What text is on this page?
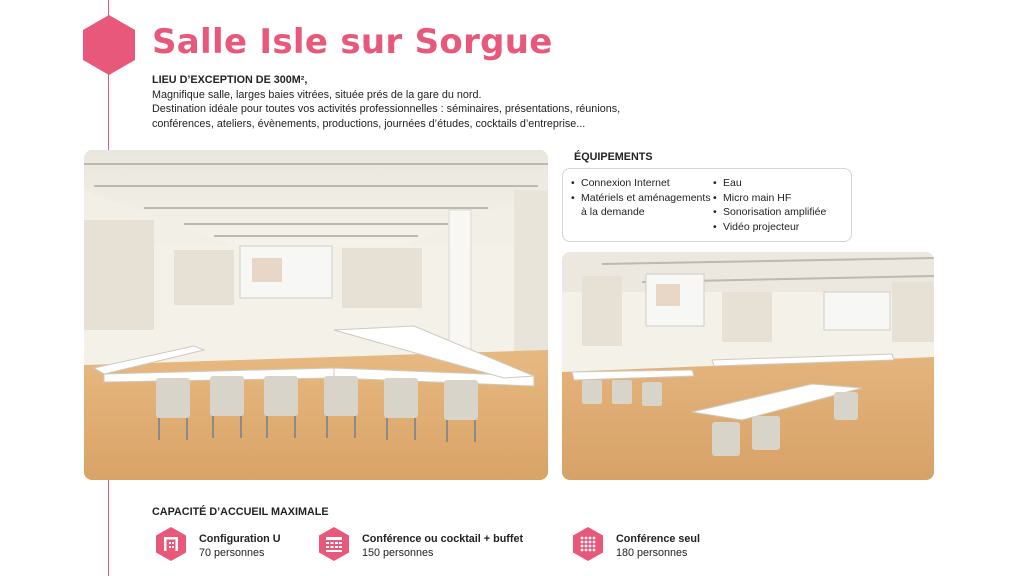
Salle Isle sur Sorgue
LIEU D’EXCEPTION DE 300M²,
Magnifique salle, larges baies vitrées, située prés de la gare du nord.
Destination idéale pour toutes vos activités professionnelles : séminaires, présentations, réunions,
conférences, ateliers, évènements, productions, journées d’études, cocktails d’entreprise...
ÉQUIPEMENTS
• Connexion Internet
• Matériels et aménagements à la demande
• Eau
• Micro main HF
• Sonorisation amplifiée
• Vidéo projecteur
CAPACITÉ D’ACCUEIL MAXIMALE
Configuration U
70 personnes
Conférence ou cocktail + buffet
150 personnes
Conférence seul
180 personnes
